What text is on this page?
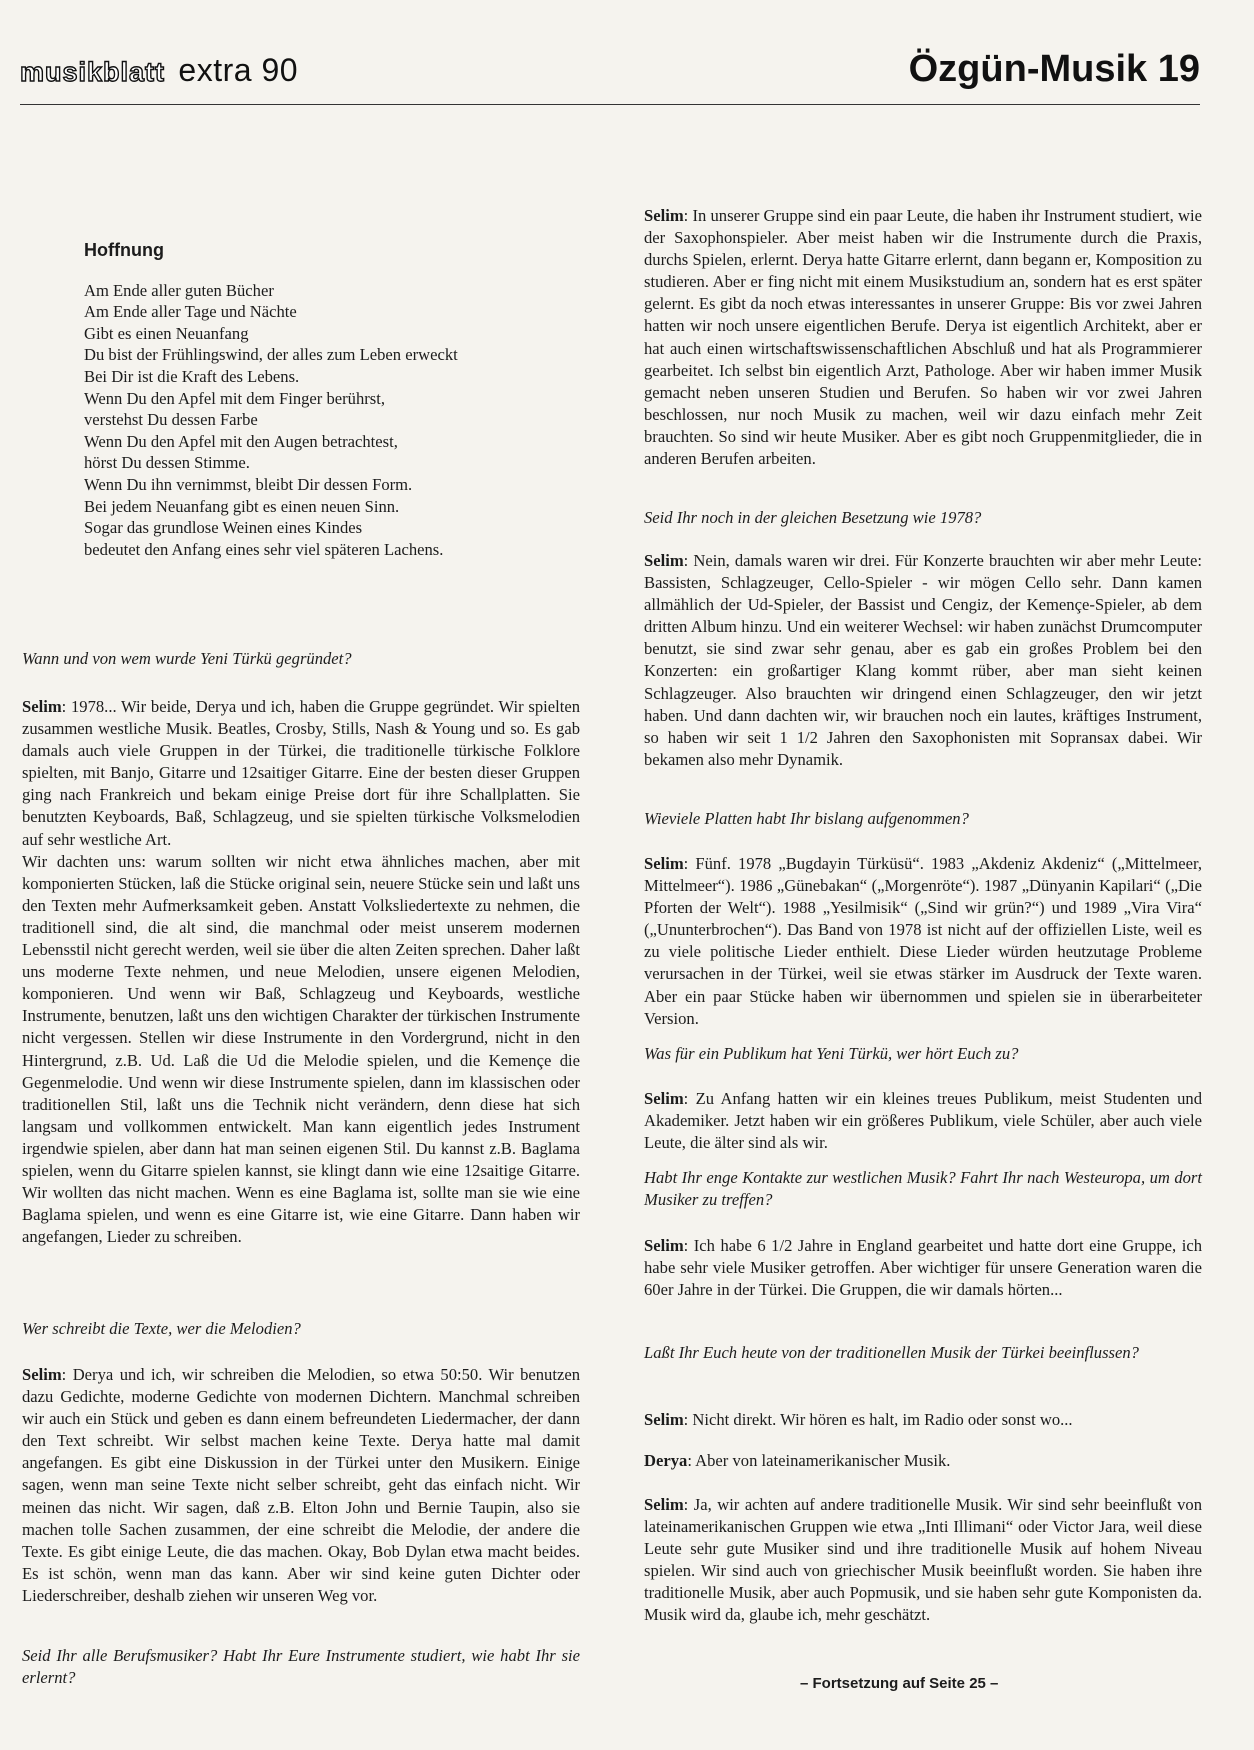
musikblatt extra 90	Özgün-Musik 19
Hoffnung
Am Ende aller guten Bücher
Am Ende aller Tage und Nächte
Gibt es einen Neuanfang
Du bist der Frühlingswind, der alles zum Leben erweckt
Bei Dir ist die Kraft des Lebens.
Wenn Du den Apfel mit dem Finger berührst,
verstehst Du dessen Farbe
Wenn Du den Apfel mit den Augen betrachtest,
hörst Du dessen Stimme.
Wenn Du ihn vernimmst, bleibt Dir dessen Form.
Bei jedem Neuanfang gibt es einen neuen Sinn.
Sogar das grundlose Weinen eines Kindes
bedeutet den Anfang eines sehr viel späteren Lachens.
Wann und von wem wurde Yeni Türkü gegründet?

Selim: 1978... Wir beide, Derya und ich, haben die Gruppe gegründet. Wir spielten zusammen westliche Musik. Beatles, Crosby, Stills, Nash & Young und so. Es gab damals auch viele Gruppen in der Türkei, die traditionelle türkische Folklore spielten, mit Banjo, Gitarre und 12saitiger Gitarre. Eine der besten dieser Gruppen ging nach Frankreich und bekam einige Preise dort für ihre Schallplatten. Sie benutzten Keyboards, Baß, Schlagzeug, und sie spielten türkische Volksmelodien auf sehr westliche Art.

Wir dachten uns: warum sollten wir nicht etwa ähnliches machen, aber mit komponierten Stücken, laß die Stücke original sein, neuere Stücke sein und laßt uns den Texten mehr Aufmerksamkeit geben. Anstatt Volksliedertexte zu nehmen, die traditionell sind, die alt sind, die manchmal oder meist unserem modernen Lebensstil nicht gerecht werden, weil sie über die alten Zeiten sprechen. Daher laßt uns moderne Texte nehmen, und neue Melodien, unsere eigenen Melodien, komponieren. Und wenn wir Baß, Schlagzeug und Keyboards, westliche Instrumente, benutzen, laßt uns den wichtigen Charakter der türkischen Instrumente nicht vergessen. Stellen wir diese Instrumente in den Vordergrund, nicht in den Hintergrund, z.B. Ud. Laß die Ud die Melodie spielen, und die Kemençe die Gegenmelodie. Und wenn wir diese Instrumente spielen, dann im klassischen oder traditionellen Stil, laßt uns die Technik nicht verändern, denn diese hat sich langsam und vollkommen entwickelt. Man kann eigentlich jedes Instrument irgendwie spielen, aber dann hat man seinen eigenen Stil. Du kannst z.B. Baglama spielen, wenn du Gitarre spielen kannst, sie klingt dann wie eine 12saitige Gitarre. Wir wollten das nicht machen. Wenn es eine Baglama ist, sollte man sie wie eine Baglama spielen, und wenn es eine Gitarre ist, wie eine Gitarre. Dann haben wir angefangen, Lieder zu schreiben.

Wer schreibt die Texte, wer die Melodien?

Selim: Derya und ich, wir schreiben die Melodien, so etwa 50:50. Wir benutzen dazu Gedichte, moderne Gedichte von modernen Dichtern. Manchmal schreiben wir auch ein Stück und geben es dann einem befreundeten Liedermacher, der dann den Text schreibt. Wir selbst machen keine Texte. Derya hatte mal damit angefangen. Es gibt eine Diskussion in der Türkei unter den Musikern. Einige sagen, wenn man seine Texte nicht selber schreibt, geht das einfach nicht. Wir meinen das nicht. Wir sagen, daß z.B. Elton John und Bernie Taupin, also sie machen tolle Sachen zusammen, der eine schreibt die Melodie, der andere die Texte. Es gibt einige Leute, die das machen. Okay, Bob Dylan etwa macht beides. Es ist schön, wenn man das kann. Aber wir sind keine guten Dichter oder Liederschreiber, deshalb ziehen wir unseren Weg vor.

Seid Ihr alle Berufsmusiker? Habt Ihr Eure Instrumente studiert, wie habt Ihr sie erlernt?

Selim: In unserer Gruppe sind ein paar Leute, die haben ihr Instrument studiert, wie der Saxophonspieler. Aber meist haben wir die Instrumente durch die Praxis, durchs Spielen, erlernt. Derya hatte Gitarre erlernt, dann begann er, Komposition zu studieren. Aber er fing nicht mit einem Musikstudium an, sondern hat es erst später gelernt. Es gibt da noch etwas interessantes in unserer Gruppe: Bis vor zwei Jahren hatten wir noch unsere eigentlichen Berufe. Derya ist eigentlich Architekt, aber er hat auch einen wirtschaftswissenschaftlichen Abschluß und hat als Programmierer gearbeitet. Ich selbst bin eigentlich Arzt, Pathologe. Aber wir haben immer Musik gemacht neben unseren Studien und Berufen. So haben wir vor zwei Jahren beschlossen, nur noch Musik zu machen, weil wir dazu einfach mehr Zeit brauchten. So sind wir heute Musiker. Aber es gibt noch Gruppenmitglieder, die in anderen Berufen arbeiten.

Seid Ihr noch in der gleichen Besetzung wie 1978?

Selim: Nein, damals waren wir drei. Für Konzerte brauchten wir aber mehr Leute: Bassisten, Schlagzeuger, Cello-Spieler - wir mögen Cello sehr. Dann kamen allmählich der Ud-Spieler, der Bassist und Cengiz, der Kemençe-Spieler, ab dem dritten Album hinzu. Und ein weiterer Wechsel: wir haben zunächst Drumcomputer benutzt, sie sind zwar sehr genau, aber es gab ein großes Problem bei den Konzerten: ein großartiger Klang kommt rüber, aber man sieht keinen Schlagzeuger. Also brauchten wir dringend einen Schlagzeuger, den wir jetzt haben. Und dann dachten wir, wir brauchen noch ein lautes, kräftiges Instrument, so haben wir seit 1 1/2 Jahren den Saxophonisten mit Sopransax dabei. Wir bekamen also mehr Dynamik.

Wieviele Platten habt Ihr bislang aufgenommen?

Selim: Fünf. 1978 „Bugdayin Türküsü“. 1983 „Akdeniz Akdeniz“ („Mittelmeer, Mittelmeer“). 1986 „Günebakan“ („Morgenröte“). 1987 „Dünyanin Kapilari“ („Die Pforten der Welt“). 1988 „Yesilmisik“ („Sind wir grün?“) und 1989 „Vira Vira“ („Ununterbrochen“). Das Band von 1978 ist nicht auf der offiziellen Liste, weil es zu viele politische Lieder enthielt. Diese Lieder würden heutzutage Probleme verursachen in der Türkei, weil sie etwas stärker im Ausdruck der Texte waren. Aber ein paar Stücke haben wir übernommen und spielen sie in überarbeiteter Version.

Was für ein Publikum hat Yeni Türkü, wer hört Euch zu?

Selim: Zu Anfang hatten wir ein kleines treues Publikum, meist Studenten und Akademiker. Jetzt haben wir ein größeres Publikum, viele Schüler, aber auch viele Leute, die älter sind als wir.

Habt Ihr enge Kontakte zur westlichen Musik? Fahrt Ihr nach Westeuropa, um dort Musiker zu treffen?

Selim: Ich habe 6 1/2 Jahre in England gearbeitet und hatte dort eine Gruppe, ich habe sehr viele Musiker getroffen. Aber wichtiger für unsere Generation waren die 60er Jahre in der Türkei. Die Gruppen, die wir damals hörten...

Laßt Ihr Euch heute von der traditionellen Musik der Türkei beeinflussen?

Selim: Nicht direkt. Wir hören es halt, im Radio oder sonst wo...

Derya: Aber von lateinamerikanischer Musik.

Selim: Ja, wir achten auf andere traditionelle Musik. Wir sind sehr beeinflußt von lateinamerikanischen Gruppen wie etwa „Inti Illimani“ oder Victor Jara, weil diese Leute sehr gute Musiker sind und ihre traditionelle Musik auf hohem Niveau spielen. Wir sind auch von griechischer Musik beeinflußt worden. Sie haben ihre traditionelle Musik, aber auch Popmusik, und sie haben sehr gute Komponisten da. Musik wird da, glaube ich, mehr geschätzt.

– Fortsetzung auf Seite 25 –
